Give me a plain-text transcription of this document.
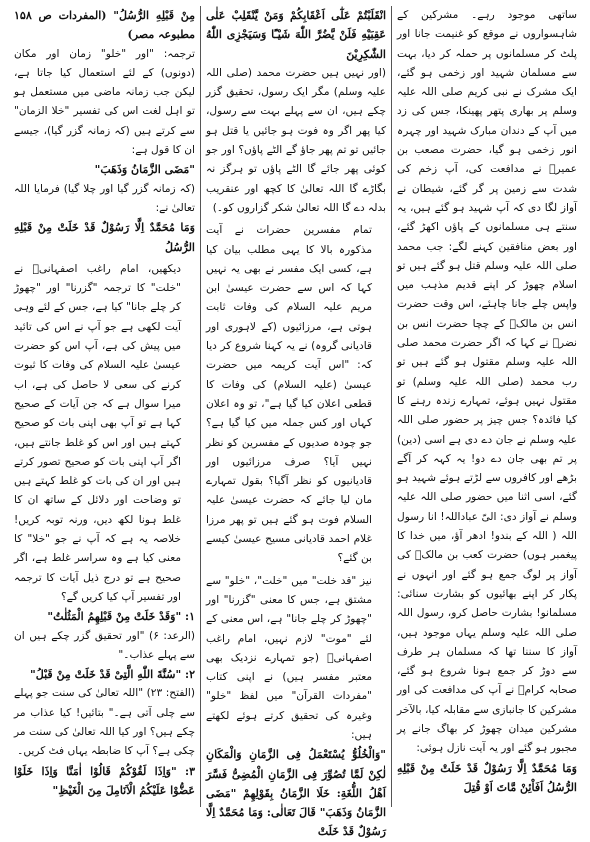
ساتھی موجود رہے۔ مشرکین کے شاہسواروں نے موقع کو غنیمت جانا اور پلٹ کر مسلمانوں پر حملہ کر دیا، بہت سے مسلمان شہید اور زخمی ہو گئے، ایک مشرک نے نبی کریم صلی اللہ علیہ وسلم پر بھاری پتھر پھینکا، جس کی زد میں آپ کے دندان مبارک شہید اور چہرہ انور زخمی ہو گیا، حضرت مصعب بن عمیرؓ نے مدافعت کی، آپ زخم کی شدت سے زمین پر گر گئے، شیطان نے آواز لگا دی کہ آپ شہید ہو گئے ہیں، یہ سنتے ہی مسلمانوں کے پاؤں اکھڑ گئے، اور بعض منافقین کہنے لگے: جب محمد صلی اللہ علیہ وسلم قتل ہو گئے ہیں تو اسلام چھوڑ کر اپنے قدیم مذہب میں واپس چلے جانا چاہئے، اس وقت حضرت انس بن مالکؓ کے چچا حضرت انس بن نضرؓ نے کہا کہ اگر حضرت محمد صلی اللہ علیہ وسلم مقتول ہو گئے ہیں تو رب محمد (صلی اللہ علیہ وسلم) تو مقتول نہیں ہوئے، تمہارے زندہ رہنے کا کیا فائدہ؟ جس چیز پر حضور صلی اللہ علیہ وسلم نے جان دے دی ہے اسی (دین) پر تم بھی جان دے دو! یہ کہہ کر آگے بڑھے اور کافروں سے لڑتے ہوئے شہید ہو گئے، اسی اثنا میں حضور صلی اللہ علیہ وسلم نے آواز دی: الیّ عباداللہ! انا رسول اللہ ( اللہ کے بندو! ادھر آؤ، میں خدا کا پیغمبر ہوں) حضرت کعب بن مالکؓ کی آواز پر لوگ جمع ہو گئے اور انہوں نے پکار کر اپنے بھائیوں کو بشارت سنائی: مسلمانو! بشارت حاصل کرو، رسول اللہ صلی اللہ علیہ وسلم یہاں موجود ہیں، آواز کا سننا تھا کہ مسلمان ہر طرف سے دوڑ کر جمع ہونا شروع ہو گئے، صحابہ کرامؓ نے آپ کی مدافعت کی اور مشرکین کا جانبازی سے مقابلہ کیا، بالآخر مشرکین میدان چھوڑ کر بھاگ جانے پر مجبور ہو گئے اور یہ آیت نازل ہوئی:

وَمَا مُحَمَّدٌ اِلَّا رَسُوْلٌ قَدْ خَلَتْ مِنْ قَبْلِهِ الرُّسُلُ اَفَاْئِنْ مَّاتَ اَوْ قُتِلَ

انْقَلَبْتُمْ عَلٰٓى اَعْقَابِكُمْ وَمَنْ يَّنْقَلِبْ عَلٰى عَقِبَيْهِ فَلَنْ يَّضُرَّ اللّٰهَ شَيْـًٔا وَسَيَجْزِى اللّٰهُ الشّٰكِرِيْنَ

(اور نہیں ہیں حضرت محمد (صلی اللہ علیہ وسلم) مگر ایک رسول، تحقیق گزر چکے ہیں، ان سے پہلے بہت سے رسول، کیا پھر اگر وہ فوت ہو جائیں یا قتل ہو جائیں تو تم پھر جاؤ گے الٹے پاؤں؟ اور جو کوئی پھر جائے گا الٹے پاؤں تو ہرگز نہ بگاڑے گا اللہ تعالیٰ کا کچھ اور عنقریب بدلہ دے گا اللہ تعالیٰ شکر گزاروں کو۔)

تمام مفسرین حضرات نے آیت مذکورہ بالا کا یہی مطلب بیان کیا ہے، کسی ایک مفسر نے بھی یہ نہیں کہا کہ اس سے حضرت عیسیٰ ابن مریم علیہ السلام کی وفات ثابت ہوتی ہے، مرزائیوں (کے لاہوری اور قادیانی گروہ) نے یہ کہنا شروع کر دیا کہ: "اس آیت کریمہ میں حضرت عیسیٰ (علیہ السلام) کی وفات کا قطعی اعلان کیا گیا ہے"، تو وہ اعلان کہاں اور کس جملہ میں کیا گیا ہے؟ جو چودہ صدیوں کے مفسرین کو نظر نہیں آیا؟ صرف مرزائیوں اور قادیانیوں کو نظر آگیا؟ بقول تمہارے مان لیا جائے کہ حضرت عیسیٰ علیہ السلام فوت ہو گئے ہیں تو پھر مرزا غلام احمد قادیانی مسیح عیسیٰ کیسے بن گئے؟

نیز "قد خلت" میں "خلت"، "خلو" سے مشتق ہے، جس کا معنی "گزرنا" اور "چھوڑ کر چلے جانا" ہے، اس معنی کے لئے "موت" لازم نہیں، امام راغب اصفہانیؒ (جو تمہارے نزدیک بھی معتبر مفسر ہیں) نے اپنی کتاب "مفردات القرآن" میں لفظ "خلو" وغیرہ کی تحقیق کرتے ہوئے لکھتے ہیں:

"وَالْخُلُوُّ يُسْتَعْمَلُ فِى الزَّمَانِ وَالْمَكَانِ لٰكِنْ لَمَّا تُصُوِّرَ فِى الزَّمَانِ الْمُضِىُّ فَسَّرَ اَهْلُ اللُّغَةِ: خَلَا الزَّمَانُ بِقَوْلِهِمْ "مَضَى الزَّمَانُ وَذَهَبَ" قَالَ تَعَالٰى: وَمَا مُحَمَّدٌ اِلَّا رَسُوْلٌ قَدْ خَلَتْ

مِنْ قَبْلِهِ الرُّسُلُ" (المفردات ص ۱۵۸ مطبوعہ مصر)

ترجمہ: "اور "خلو" زمان اور مکان (دونوں) کے لئے استعمال کیا جاتا ہے، لیکن جب زمانہ ماضی میں مستعمل ہو تو اہل لغت اس کی تفسیر "خلا الزمان" سے کرتے ہیں (کہ زمانہ گزر گیا)، جیسے ان کا قول ہے:

"مَضَى الزَّمَانُ وَذَهَبَ"

(کہ زمانہ گزر گیا اور چلا گیا) فرمایا اللہ تعالیٰ نے:

وَمَا مُحَمَّدٌ اِلَّا رَسُوْلٌ قَدْ خَلَتْ مِنْ قَبْلِهِ الرُّسُلُ

دیکھیں، امام راغب اصفہانیؒ نے "خلت" کا ترجمہ "گزرنا" اور "چھوڑ کر چلے جانا" کیا ہے، جس کے لئے وہی آیت لکھی ہے جو آپ نے اس کی تائید میں پیش کی ہے، آپ اس کو حضرت عیسیٰ علیہ السلام کی وفات کا ثبوت کرنے کی سعی لا حاصل کی ہے، اب میرا سوال ہے کہ جن آیات کے صحیح کہا ہے تو آپ بھی اپنی بات کو صحیح کہتے ہیں اور اس کو غلط جانتے ہیں، اگر آپ اپنی بات کو صحیح تصور کرتے ہیں اور ان کی بات کو غلط کہتے ہیں تو وضاحت اور دلائل کے ساتھ ان کا غلط ہونا لکھ دیں، ورنہ توبہ کریں! خلاصہ یہ ہے کہ آپ نے جو "خلا" کا معنی کیا ہے وہ سراسر غلط ہے، اگر صحیح ہے تو درج ذیل آیات کا ترجمہ اور تفسیر آپ کیا کریں گے؟

۱: "وَقَدْ خَلَتْ مِنْ قَبْلِهِمُ الْمَثُلٰتُ"

(الرعد: ۶) "اور تحقیق گزر چکے ہیں ان سے پہلے عذاب۔"

۲: "سُنَّةَ اللّٰهِ الَّتِىْ قَدْ خَلَتْ مِنْ قَبْلُ"

(الفتح: ۲۳) "اللہ تعالیٰ کی سنت جو پہلے سے چلی آتی ہے۔" بتائیں! کیا عذاب مر چکے ہیں؟ اور کیا اللہ تعالیٰ کی سنت مر چکی ہے؟ آپ کا ضابطہ یہاں فٹ کریں۔

۳: "وَاِذَا لَقُوْكُمْ قَالُوْا اٰمَنَّا وَاِذَا خَلَوْا عَضُّوْا عَلَيْكُمُ الْاَنَامِلَ مِنَ الْغَيْظِ"
